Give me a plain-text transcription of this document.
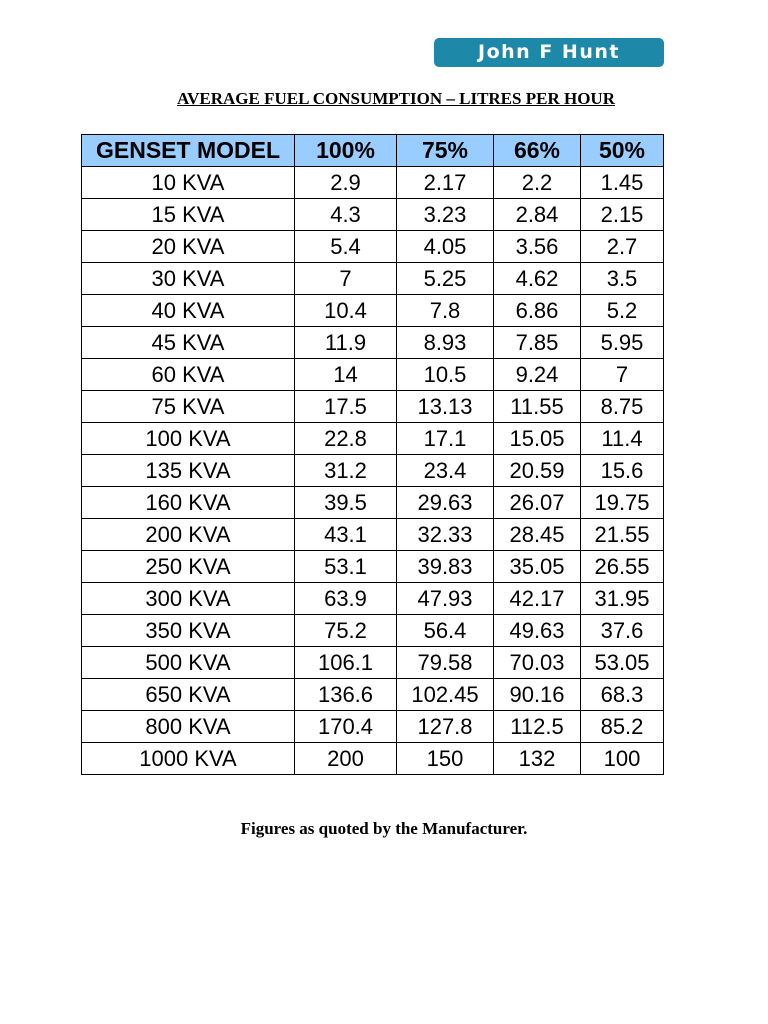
John F Hunt
AVERAGE FUEL CONSUMPTION – LITRES PER HOUR
GENSET MODEL	100%	75%	66%	50%
10 KVA	2.9	2.17	2.2	1.45
15 KVA	4.3	3.23	2.84	2.15
20 KVA	5.4	4.05	3.56	2.7
30 KVA	7	5.25	4.62	3.5
40 KVA	10.4	7.8	6.86	5.2
45 KVA	11.9	8.93	7.85	5.95
60 KVA	14	10.5	9.24	7
75 KVA	17.5	13.13	11.55	8.75
100 KVA	22.8	17.1	15.05	11.4
135 KVA	31.2	23.4	20.59	15.6
160 KVA	39.5	29.63	26.07	19.75
200 KVA	43.1	32.33	28.45	21.55
250 KVA	53.1	39.83	35.05	26.55
300 KVA	63.9	47.93	42.17	31.95
350 KVA	75.2	56.4	49.63	37.6
500 KVA	106.1	79.58	70.03	53.05
650 KVA	136.6	102.45	90.16	68.3
800 KVA	170.4	127.8	112.5	85.2
1000 KVA	200	150	132	100
Figures as quoted by the Manufacturer.
